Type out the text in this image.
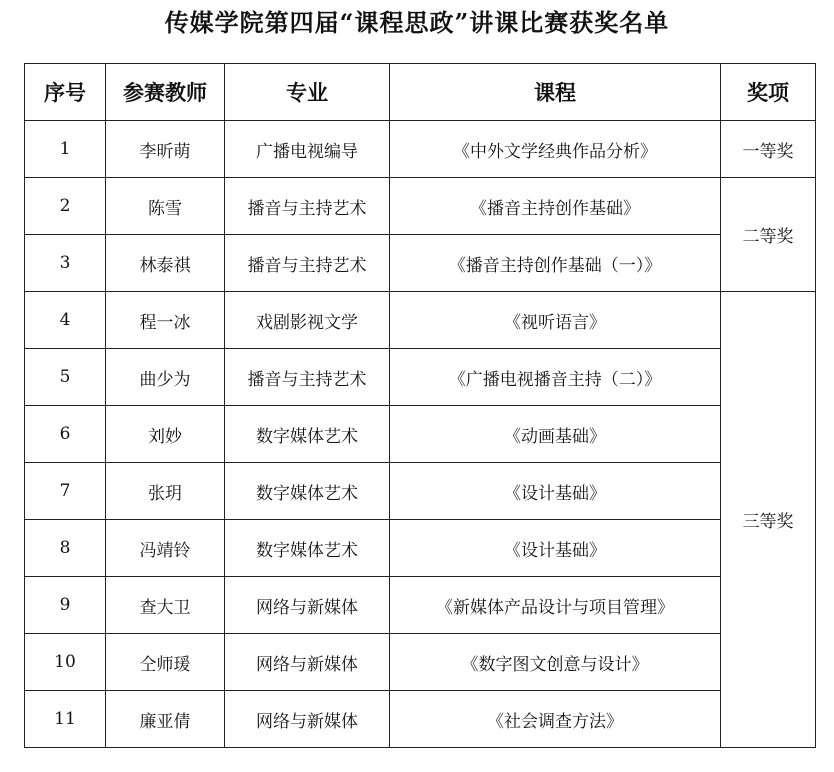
传媒学院第四届“课程思政”讲课比赛获奖名单
序号	参赛教师	专业	课程	奖项
1	李昕萌	广播电视编导	《中外文学经典作品分析》	一等奖
2	陈雪	播音与主持艺术	《播音主持创作基础》	二等奖
3	林泰祺	播音与主持艺术	《播音主持创作基础（一）》	
4	程一冰	戏剧影视文学	《视听语言》	三等奖
5	曲少为	播音与主持艺术	《广播电视播音主持（二）》	
6	刘妙	数字媒体艺术	《动画基础》	
7	张玥	数字媒体艺术	《设计基础》	
8	冯靖铃	数字媒体艺术	《设计基础》	
9	查大卫	网络与新媒体	《新媒体产品设计与项目管理》	
10	仝师瑗	网络与新媒体	《数字图文创意与设计》	
11	廉亚倩	网络与新媒体	《社会调查方法》	
